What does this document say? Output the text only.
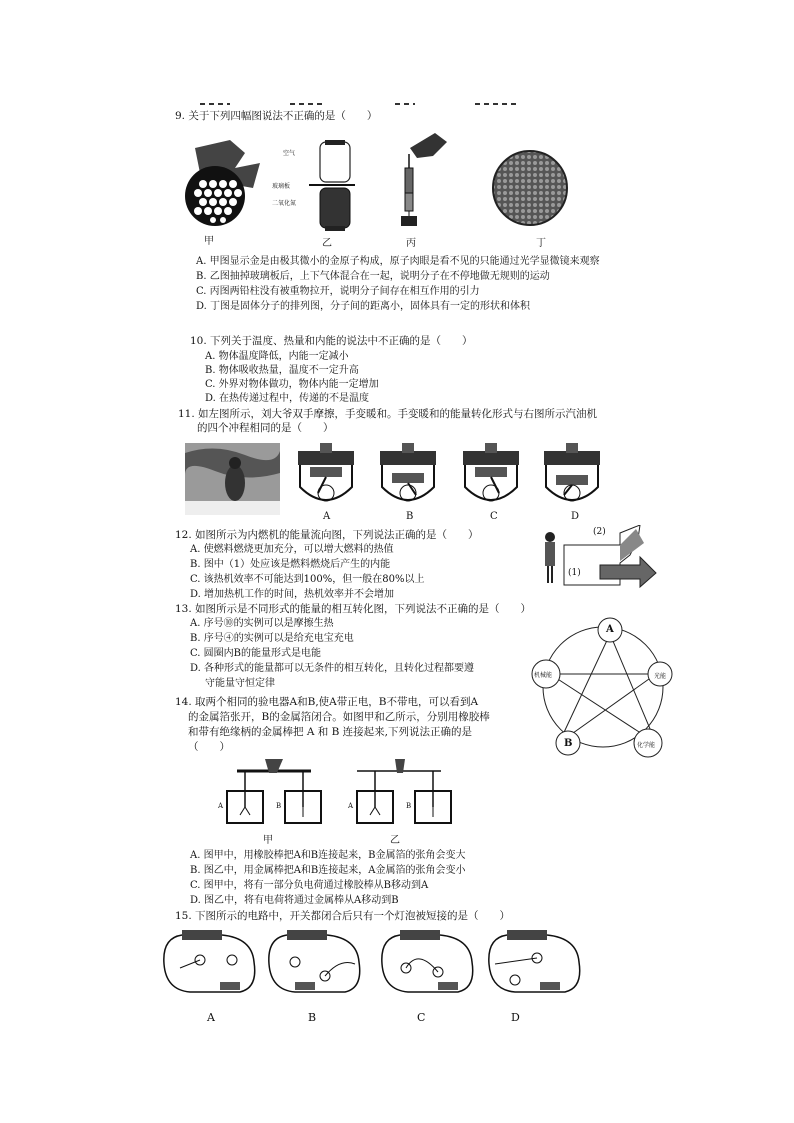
9. 关于下列四幅图说法不正确的是（　　）
甲
空气
玻璃板
二氧化氮
乙	丙	丁
A. 甲图显示金是由极其微小的金原子构成，原子肉眼是看不见的只能通过光学显微镜来观察
B. 乙图抽掉玻璃板后，上下气体混合在一起，说明分子在不停地做无规则的运动
C. 丙图两铅柱没有被重物拉开，说明分子间存在相互作用的引力
D. 丁图是固体分子的排列图，分子间的距离小，固体具有一定的形状和体积
10. 下列关于温度、热量和内能的说法中不正确的是（　　）
A. 物体温度降低，内能一定减小
B. 物体吸收热量，温度不一定升高
C. 外界对物体做功，物体内能一定增加
D. 在热传递过程中，传递的不是温度
11. 如左图所示，刘大爷双手摩擦，手变暖和。手变暖和的能量转化形式与右图所示汽油机
的四个冲程相同的是（　　）
A	B	C	D
12. 如图所示为内燃机的能量流向图，下列说法正确的是（　　）
A. 使燃料燃烧更加充分，可以增大燃料的热值
B. 图中（1）处应该是燃料燃烧后产生的内能
C. 该热机效率不可能达到100%，但一般在80%以上
D. 增加热机工作的时间，热机效率并不会增加
(2)
(1)
13. 如图所示是不同形式的能量的相互转化图，下列说法不正确的是（　　）
A. 序号⑩的实例可以是摩擦生热
B. 序号④的实例可以是给充电宝充电
C. 圆圈内B的能量形式是电能
D. 各种形式的能量都可以无条件的相互转化，且转化过程都要遵
守能量守恒定律
A
B
机械能	光能
化学能
14. 取两个相同的验电器A和B,使A带正电，B不带电，可以看到A
的金属箔张开，B的金属箔闭合。如图甲和乙所示，分别用橡胶棒
和带有绝缘柄的金属棒把 A 和 B 连接起来,下列说法正确的是
（　　）
A	B
甲
A	B
乙
A. 图甲中，用橡胶棒把A和B连接起来，B金属箔的张角会变大
B. 图乙中，用金属棒把A和B连接起来，A金属箔的张角会变小
C. 图甲中，将有一部分负电荷通过橡胶棒从B移动到A
D. 图乙中，将有电荷将通过金属棒从A移动到B
15. 下图所示的电路中，开关都闭合后只有一个灯泡被短接的是（　　）
A	B	C	D
